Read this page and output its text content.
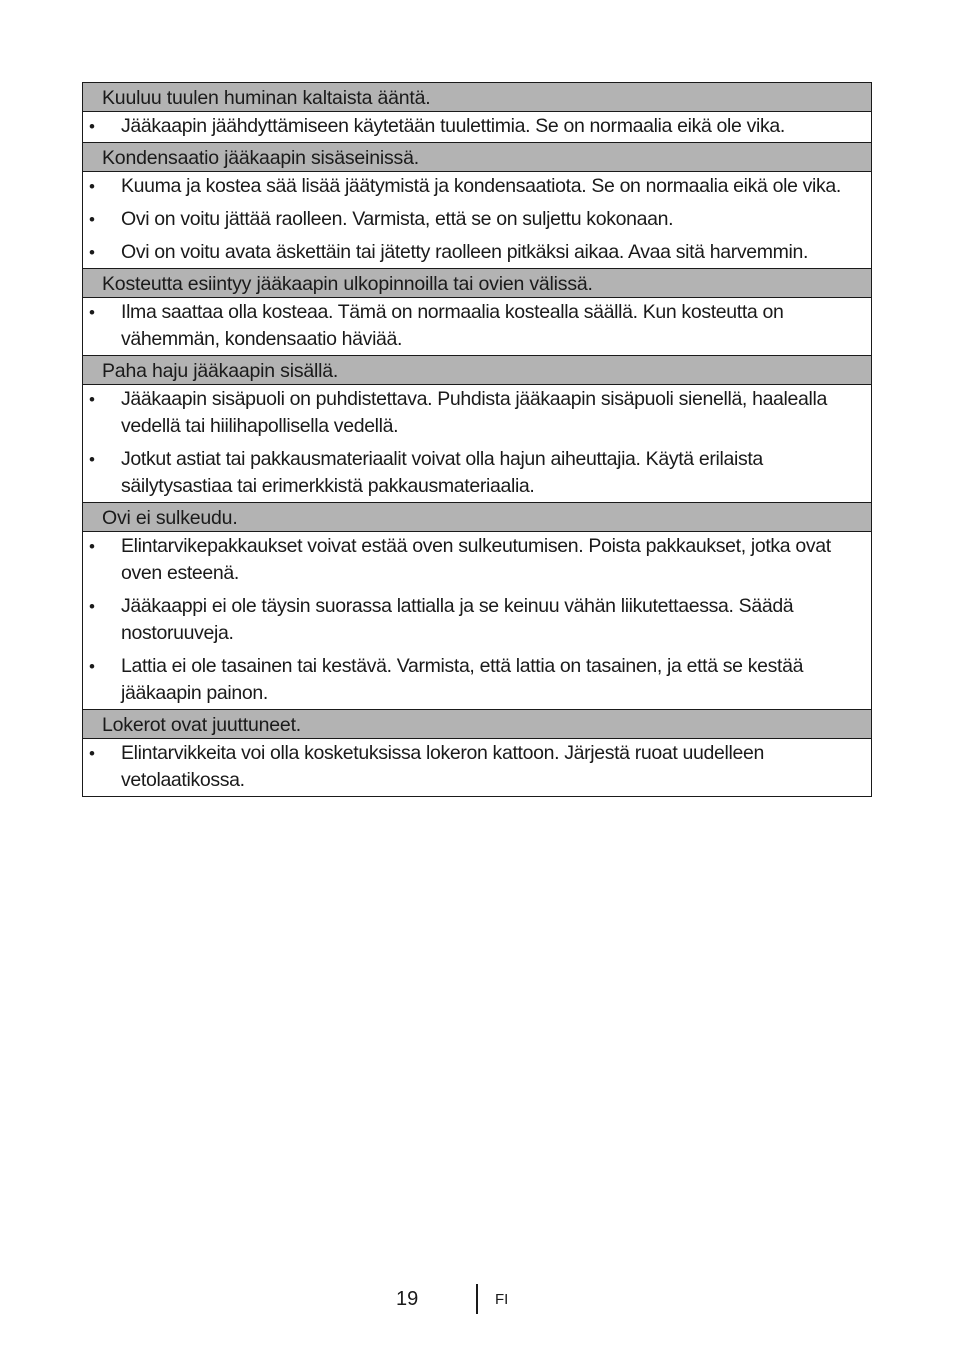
Kuuluu tuulen huminan kaltaista ääntä.
• Jääkaapin jäähdyttämiseen käytetään tuulettimia. Se on normaalia eikä ole vika.
Kondensaatio jääkaapin sisäseinissä.
• Kuuma ja kostea sää lisää jäätymistä ja kondensaatiota. Se on normaalia eikä ole vika.
• Ovi on voitu jättää raolleen. Varmista, että se on suljettu kokonaan.
• Ovi on voitu avata äskettäin tai jätetty raolleen pitkäksi aikaa. Avaa sitä harvemmin.
Kosteutta esiintyy jääkaapin ulkopinnoilla tai ovien välissä.
• Ilma saattaa olla kosteaa. Tämä on normaalia kostealla säällä. Kun kosteutta on vähemmän, kondensaatio häviää.
Paha haju jääkaapin sisällä.
• Jääkaapin sisäpuoli on puhdistettava. Puhdista jääkaapin sisäpuoli sienellä, haalealla vedellä tai hiilihapollisella vedellä.
• Jotkut astiat tai pakkausmateriaalit voivat olla hajun aiheuttajia. Käytä erilaista säilytysastiaa tai erimerkkistä pakkausmateriaalia.
Ovi ei sulkeudu.
• Elintarvikepakkaukset voivat estää oven sulkeutumisen. Poista pakkaukset, jotka ovat oven esteenä.
• Jääkaappi ei ole täysin suorassa lattialla ja se keinuu vähän liikutettaessa. Säädä nostoruuveja.
• Lattia ei ole tasainen tai kestävä. Varmista, että lattia on tasainen, ja että se kestää jääkaapin painon.
Lokerot ovat juuttuneet.
• Elintarvikkeita voi olla kosketuksissa lokeron kattoon. Järjestä ruoat uudelleen vetolaatikossa.
19	FI
